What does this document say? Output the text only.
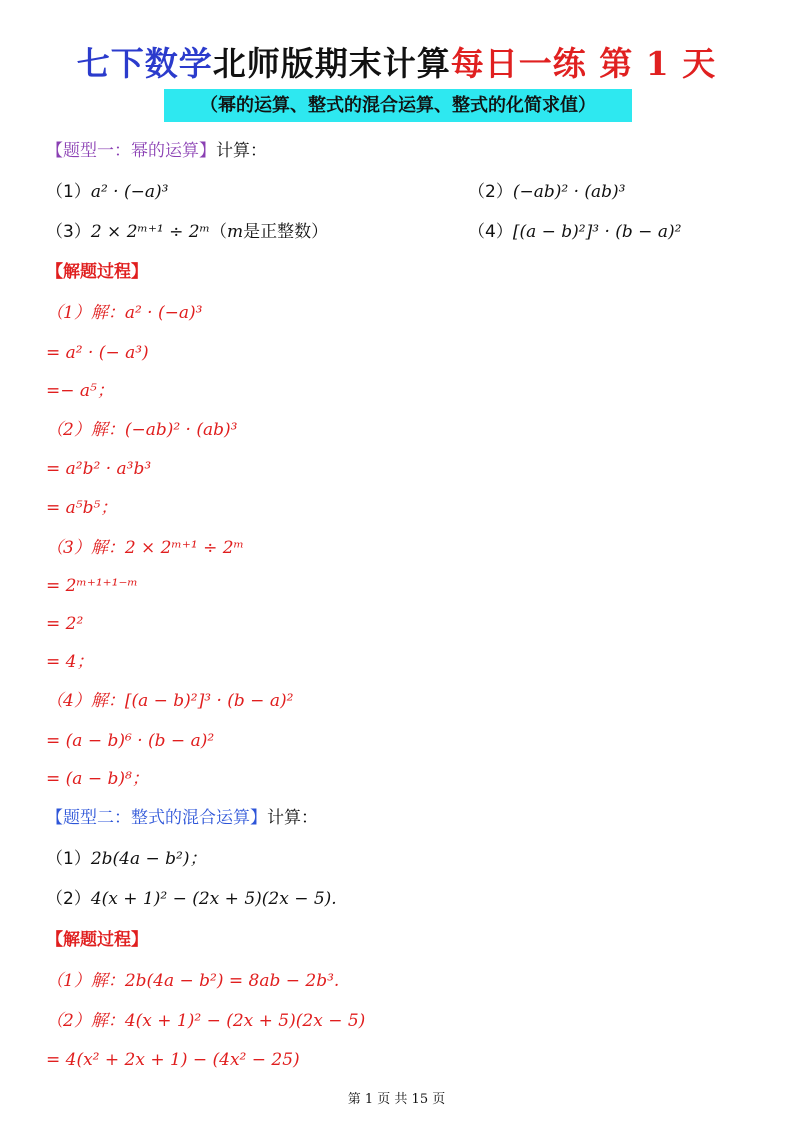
七下数学北师版期末计算每日一练 第 1 天
（幂的运算、整式的混合运算、整式的化简求值）
【题型一：幂的运算】计算：
（1）a² · (−a)³	（2）(−ab)² · (ab)³
（3）2 × 2ᵐ⁺¹ ÷ 2ᵐ（m是正整数）	（4）[(a − b)²]³ · (b − a)²
【解题过程】
（1）解：a² · (−a)³
= a² · (− a³)
=− a⁵；
（2）解：(−ab)² · (ab)³
= a²b² · a³b³
= a⁵b⁵；
（3）解：2 × 2ᵐ⁺¹ ÷ 2ᵐ
= 2ᵐ⁺¹⁺¹⁻ᵐ
= 2²
= 4；
（4）解：[(a − b)²]³ · (b − a)²
= (a − b)⁶ · (b − a)²
= (a − b)⁸；
【题型二：整式的混合运算】计算：
（1）2b(4a − b²)；
（2）4(x + 1)² − (2x + 5)(2x − 5).
【解题过程】
（1）解：2b(4a − b²) = 8ab − 2b³.
（2）解：4(x + 1)² − (2x + 5)(2x − 5)
= 4(x² + 2x + 1) − (4x² − 25)
第 1 页 共 15 页
